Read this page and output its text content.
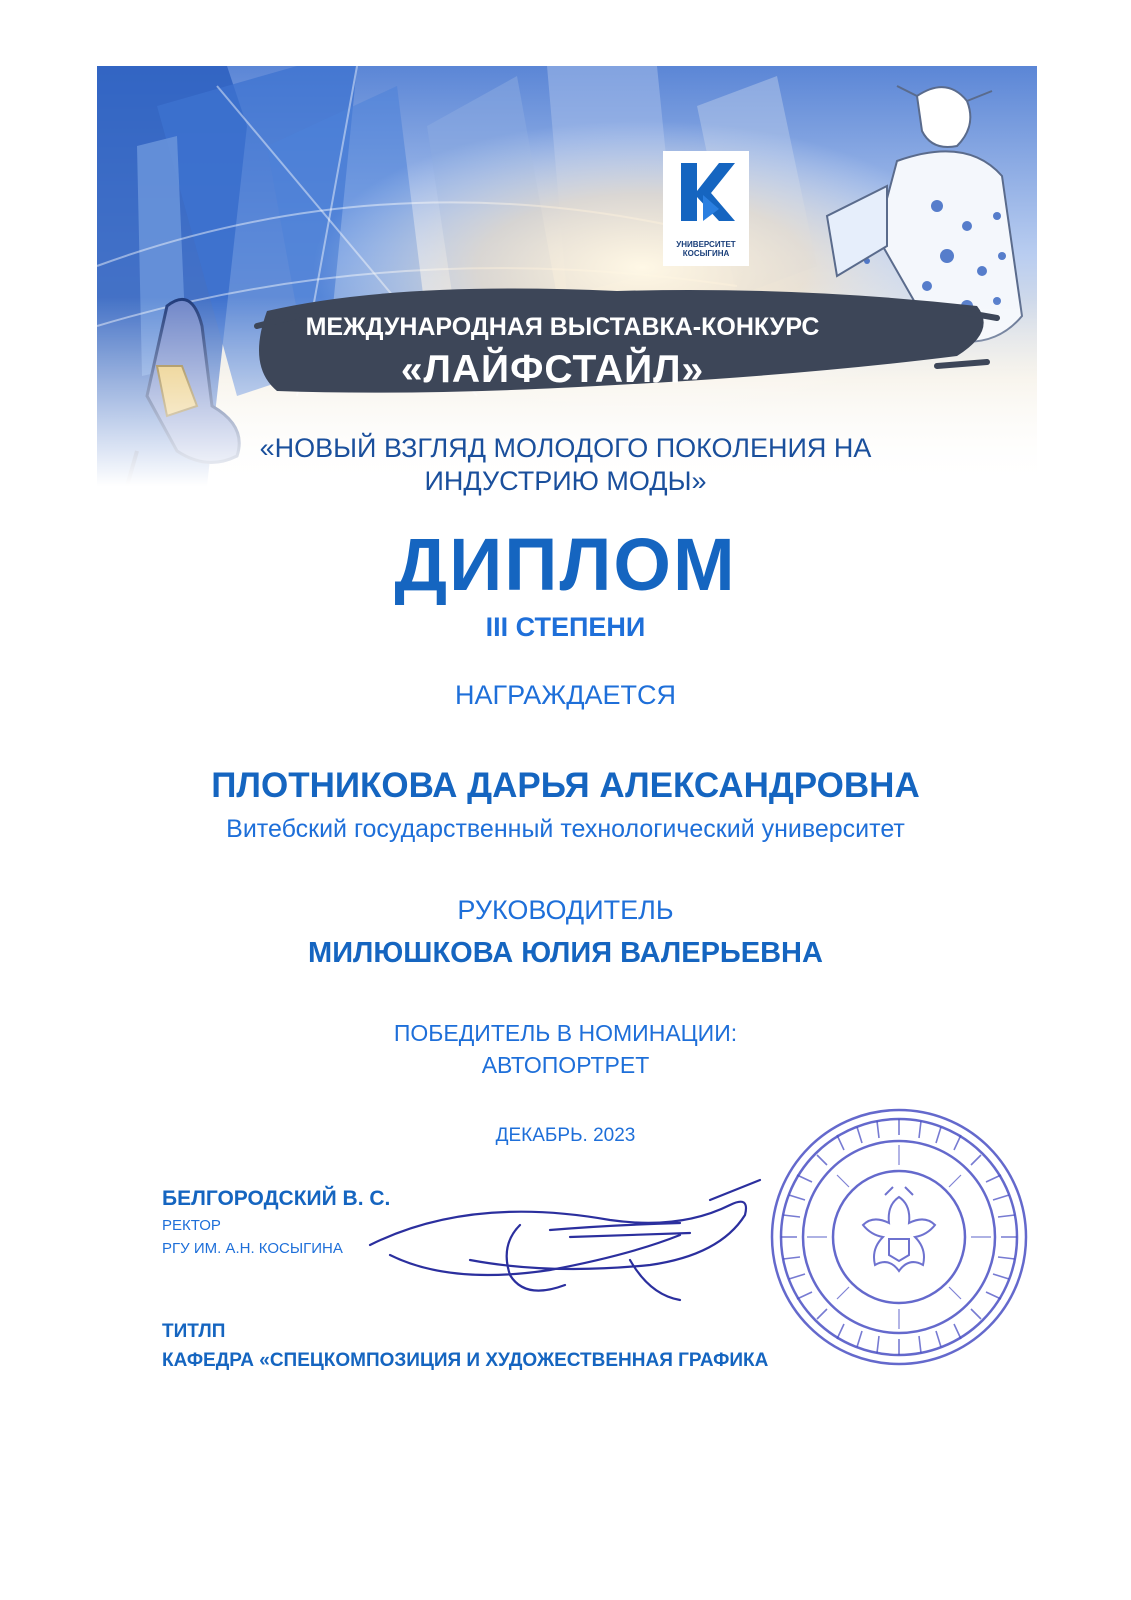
УНИВЕРСИТЕТ
КОСЫГИНА
МЕЖДУНАРОДНАЯ ВЫСТАВКА-КОНКУРС
«ЛАЙФСТАЙЛ»
«НОВЫЙ ВЗГЛЯД МОЛОДОГО ПОКОЛЕНИЯ НА
ИНДУСТРИЮ МОДЫ»
ДИПЛОМ
III СТЕПЕНИ
НАГРАЖДАЕТСЯ
ПЛОТНИКОВА ДАРЬЯ АЛЕКСАНДРОВНА
Витебский государственный технологический университет
РУКОВОДИТЕЛЬ
МИЛЮШКОВА ЮЛИЯ ВАЛЕРЬЕВНА
ПОБЕДИТЕЛЬ В НОМИНАЦИИ:
АВТОПОРТРЕТ
ДЕКАБРЬ. 2023
БЕЛГОРОДСКИЙ В. С.
РЕКТОР
РГУ ИМ. А.Н. КОСЫГИНА
ТИТЛП
КАФЕДРА «СПЕЦКОМПОЗИЦИЯ И ХУДОЖЕСТВЕННАЯ ГРАФИКА
